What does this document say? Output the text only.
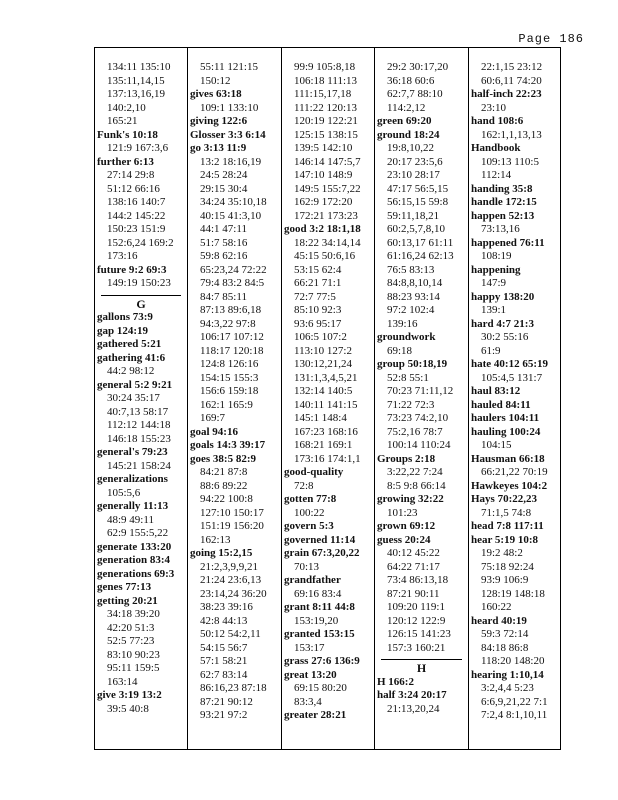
Page 186
134:11 135:10
135:11,14,15
137:13,16,19
140:2,10
165:21
Funk's 10:18
121:9 167:3,6
further 6:13
27:14 29:8
51:12 66:16
138:16 140:7
144:2 145:22
150:23 151:9
152:6,24 169:2
173:16
future 9:2 69:3
149:19 150:23
G
gallons 73:9
gap 124:19
gathered 5:21
gathering 41:6
44:2 98:12
general 5:2 9:21
30:24 35:17
40:7,13 58:17
112:12 144:18
146:18 155:23
general's 79:23
145:21 158:24
generalizations
105:5,6
generally 11:13
48:9 49:11
62:9 155:5,22
generate 133:20
generation 83:4
generations 69:3
genes 77:13
getting 20:21
34:18 39:20
42:20 51:3
52:5 77:23
83:10 90:23
95:11 159:5
163:14
give 3:19 13:2
39:5 40:8
55:11 121:15
150:12
gives 63:18
109:1 133:10
giving 122:6
Glosser 3:3 6:14
go 3:13 11:9
13:2 18:16,19
24:5 28:24
29:15 30:4
34:24 35:10,18
40:15 41:3,10
44:1 47:11
51:7 58:16
59:8 62:16
65:23,24 72:22
79:4 83:2 84:5
84:7 85:11
87:13 89:6,18
94:3,22 97:8
106:17 107:12
118:17 120:18
124:8 126:16
154:15 155:3
156:6 159:18
162:1 165:9
169:7
goal 94:16
goals 14:3 39:17
goes 38:5 82:9
84:21 87:8
88:6 89:22
94:22 100:8
127:10 150:17
151:19 156:20
162:13
going 15:2,15
21:2,3,9,9,21
21:24 23:6,13
23:14,24 36:20
38:23 39:16
42:8 44:13
50:12 54:2,11
54:15 56:7
57:1 58:21
62:7 83:14
86:16,23 87:18
87:21 90:12
93:21 97:2
99:9 105:8,18
106:18 111:13
111:15,17,18
111:22 120:13
120:19 122:21
125:15 138:15
139:5 142:10
146:14 147:5,7
147:10 148:9
149:5 155:7,22
162:9 172:20
172:21 173:23
good 3:2 18:1,18
18:22 34:14,14
45:15 50:6,16
53:15 62:4
66:21 71:1
72:7 77:5
85:10 92:3
93:6 95:17
106:5 107:2
113:10 127:2
130:12,21,24
131:1,3,4,5,21
132:14 140:5
140:11 141:15
145:1 148:4
167:23 168:16
168:21 169:1
173:16 174:1,1
good-quality
72:8
gotten 77:8
100:22
govern 5:3
governed 11:14
grain 67:3,20,22
70:13
grandfather
69:16 83:4
grant 8:11 44:8
153:19,20
granted 153:15
153:17
grass 27:6 136:9
great 13:20
69:15 80:20
83:3,4
greater 28:21
29:2 30:17,20
36:18 60:6
62:7,7 88:10
114:2,12
green 69:20
ground 18:24
19:8,10,22
20:17 23:5,6
23:10 28:17
47:17 56:5,15
56:15,15 59:8
59:11,18,21
60:2,5,7,8,10
60:13,17 61:11
61:16,24 62:13
76:5 83:13
84:8,8,10,14
88:23 93:14
97:2 102:4
139:16
groundwork
69:18
group 50:18,19
52:8 55:1
70:23 71:11,12
71:22 72:3
73:23 74:2,10
75:2,16 78:7
100:14 110:24
Groups 2:18
3:22,22 7:24
8:5 9:8 66:14
growing 32:22
101:23
grown 69:12
guess 20:24
40:12 45:22
64:22 71:17
73:4 86:13,18
87:21 90:11
109:20 119:1
120:12 122:9
126:15 141:23
157:3 160:21
H
H 166:2
half 3:24 20:17
21:13,20,24
22:1,15 23:12
60:6,11 74:20
half-inch 22:23
23:10
hand 108:6
162:1,1,13,13
Handbook
109:13 110:5
112:14
handing 35:8
handle 172:15
happen 52:13
73:13,16
happened 76:11
108:19
happening
147:9
happy 138:20
139:1
hard 4:7 21:3
30:2 55:16
61:9
hate 40:12 65:19
105:4,5 131:7
haul 83:12
hauled 84:11
haulers 104:11
hauling 100:24
104:15
Hausman 66:18
66:21,22 70:19
Hawkeyes 104:2
Hays 70:22,23
71:1,5 74:8
head 7:8 117:11
hear 5:19 10:8
19:2 48:2
75:18 92:24
93:9 106:9
128:19 148:18
160:22
heard 40:19
59:3 72:14
84:18 86:8
118:20 148:20
hearing 1:10,14
3:2,4,4 5:23
6:6,9,21,22 7:1
7:2,4 8:1,10,11
